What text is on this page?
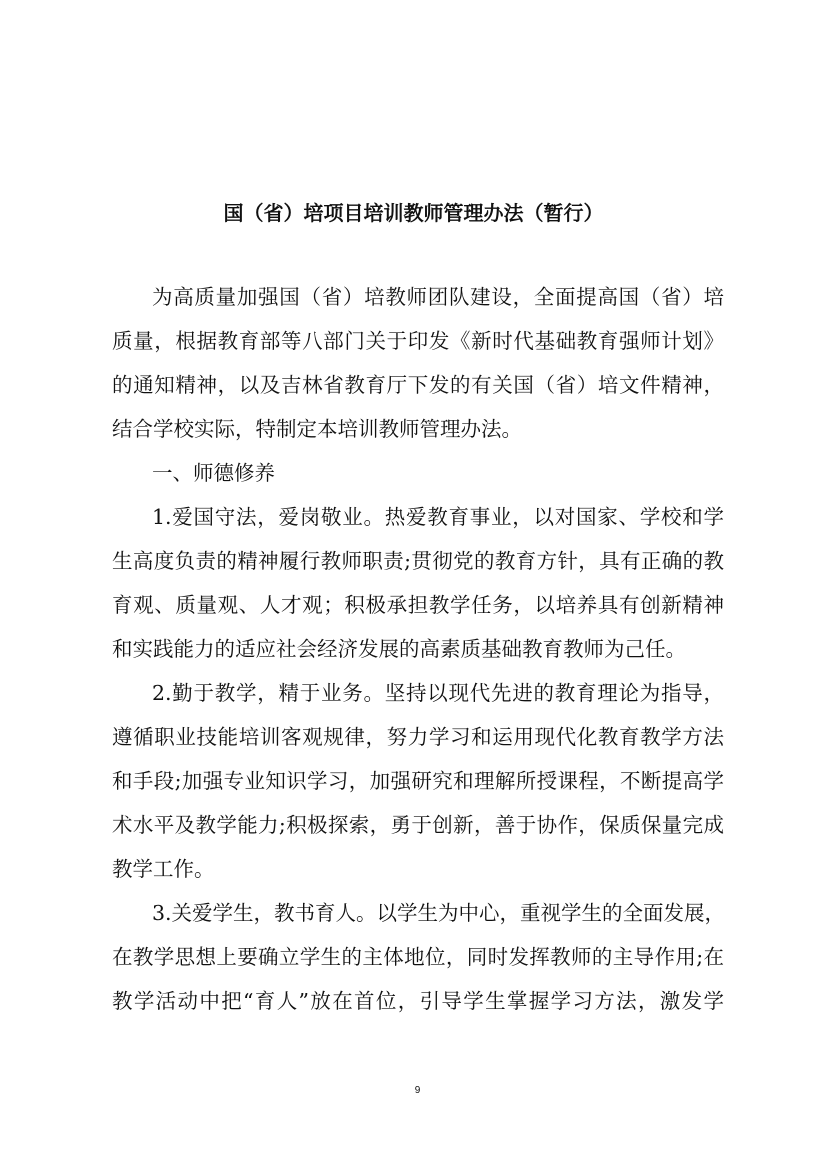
国（省）培项目培训教师管理办法（暂行）
为高质量加强国（省）培教师团队建设，全面提高国（省）培
质量，根据教育部等八部门关于印发《新时代基础教育强师计划》
的通知精神，以及吉林省教育厅下发的有关国（省）培文件精神，
结合学校实际，特制定本培训教师管理办法。
一、师德修养
1.爱国守法，爱岗敬业。热爱教育事业，以对国家、学校和学
生高度负责的精神履行教师职责;贯彻党的教育方针，具有正确的教
育观、质量观、人才观；积极承担教学任务，以培养具有创新精神
和实践能力的适应社会经济发展的高素质基础教育教师为己任。
2.勤于教学，精于业务。坚持以现代先进的教育理论为指导，
遵循职业技能培训客观规律，努力学习和运用现代化教育教学方法
和手段;加强专业知识学习，加强研究和理解所授课程，不断提高学
术水平及教学能力;积极探索，勇于创新，善于协作，保质保量完成
教学工作。
3.关爱学生，教书育人。以学生为中心，重视学生的全面发展，
在教学思想上要确立学生的主体地位，同时发挥教师的主导作用;在
教学活动中把“育人”放在首位，引导学生掌握学习方法，激发学
9
